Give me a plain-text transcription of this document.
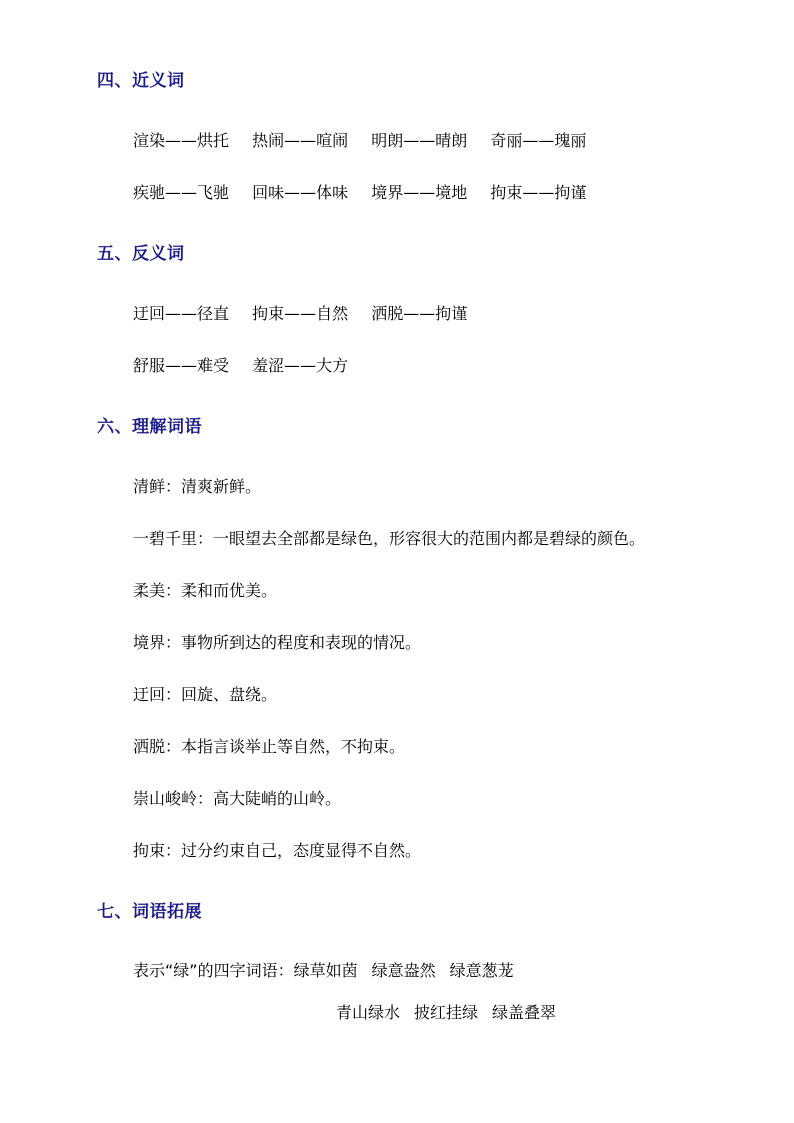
四、近义词
渲染——烘托 热闹——喧闹 明朗——晴朗 奇丽——瑰丽
疾驰——飞驰 回味——体味 境界——境地 拘束——拘谨
五、反义词
迂回——径直 拘束——自然 洒脱——拘谨
舒服——难受 羞涩——大方
六、理解词语
清鲜：清爽新鲜。
一碧千里：一眼望去全部都是绿色，形容很大的范围内都是碧绿的颜色。
柔美：柔和而优美。
境界：事物所到达的程度和表现的情况。
迂回：回旋、盘绕。
洒脱：本指言谈举止等自然，不拘束。
崇山峻岭：高大陡峭的山岭。
拘束：过分约束自己，态度显得不自然。
七、词语拓展
表示“绿”的四字词语：绿草如茵 绿意盎然 绿意葱茏
青山绿水 披红挂绿 绿盖叠翠
